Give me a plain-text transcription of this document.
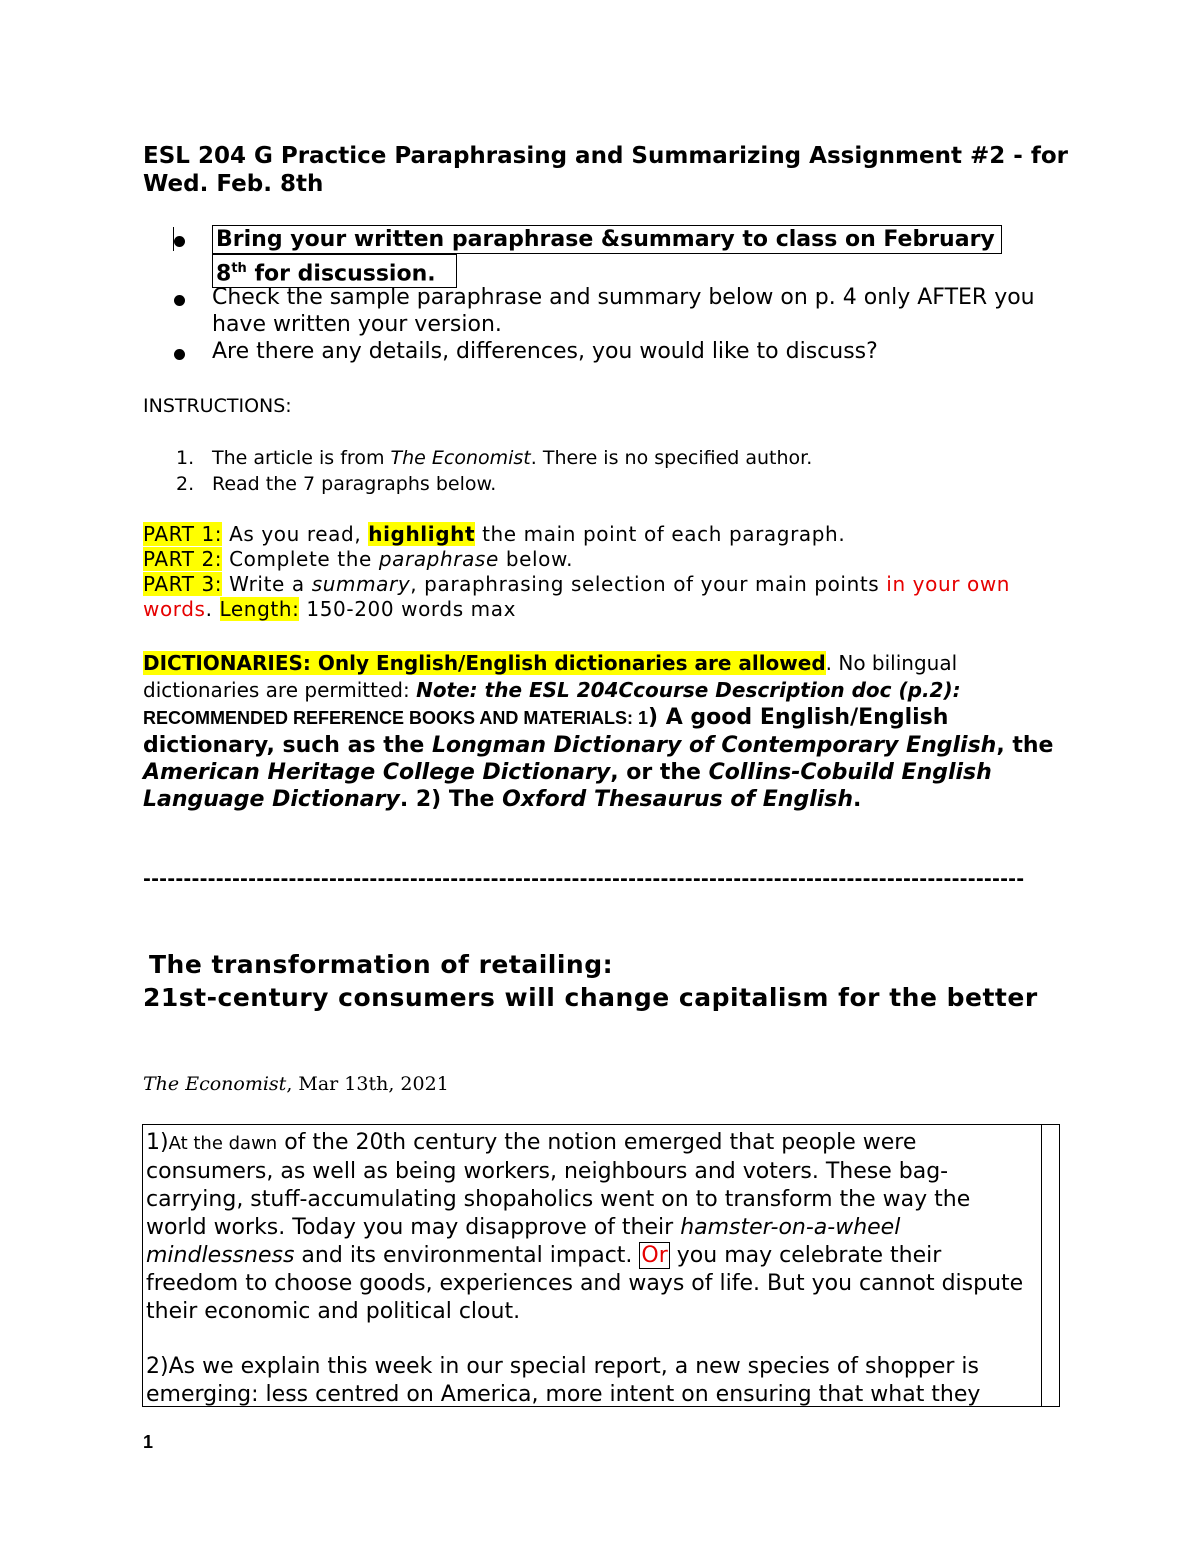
ESL 204 G Practice Paraphrasing and Summarizing Assignment #2 - for Wed. Feb. 8th
Bring your written paraphrase &summary to class on February
8th for discussion.
Check the sample paraphrase and summary below on p. 4 only AFTER you have written your version.
Are there any details, differences, you would like to discuss?
INSTRUCTIONS:
1. The article is from The Economist. There is no specified author.
2. Read the 7 paragraphs below.
PART 1: As you read, highlight the main point of each paragraph.
PART 2: Complete the paraphrase below.
PART 3: Write a summary, paraphrasing selection of your main points in your own words. Length: 150-200 words max
DICTIONARIES: Only English/English dictionaries are allowed. No bilingual dictionaries are permitted: Note: the ESL 204Ccourse Description doc (p.2):
RECOMMENDED REFERENCE BOOKS AND MATERIALS: 1) A good English/English dictionary, such as the Longman Dictionary of Contemporary English, the American Heritage College Dictionary, or the Collins-Cobuild English Language Dictionary. 2) The Oxford Thesaurus of English.
-------------------------------------------------------------------------------------------------------------
The transformation of retailing:
21st-century consumers will change capitalism for the better
The Economist, Mar 13th, 2021
1)At the dawn of the 20th century the notion emerged that people were consumers, as well as being workers, neighbours and voters. These bag-carrying, stuff-accumulating shopaholics went on to transform the way the world works. Today you may disapprove of their hamster-on-a-wheel mindlessness and its environmental impact. Or you may celebrate their freedom to choose goods, experiences and ways of life. But you cannot dispute their economic and political clout.
2)As we explain this week in our special report, a new species of shopper is emerging: less centred on America, more intent on ensuring that what they
1
